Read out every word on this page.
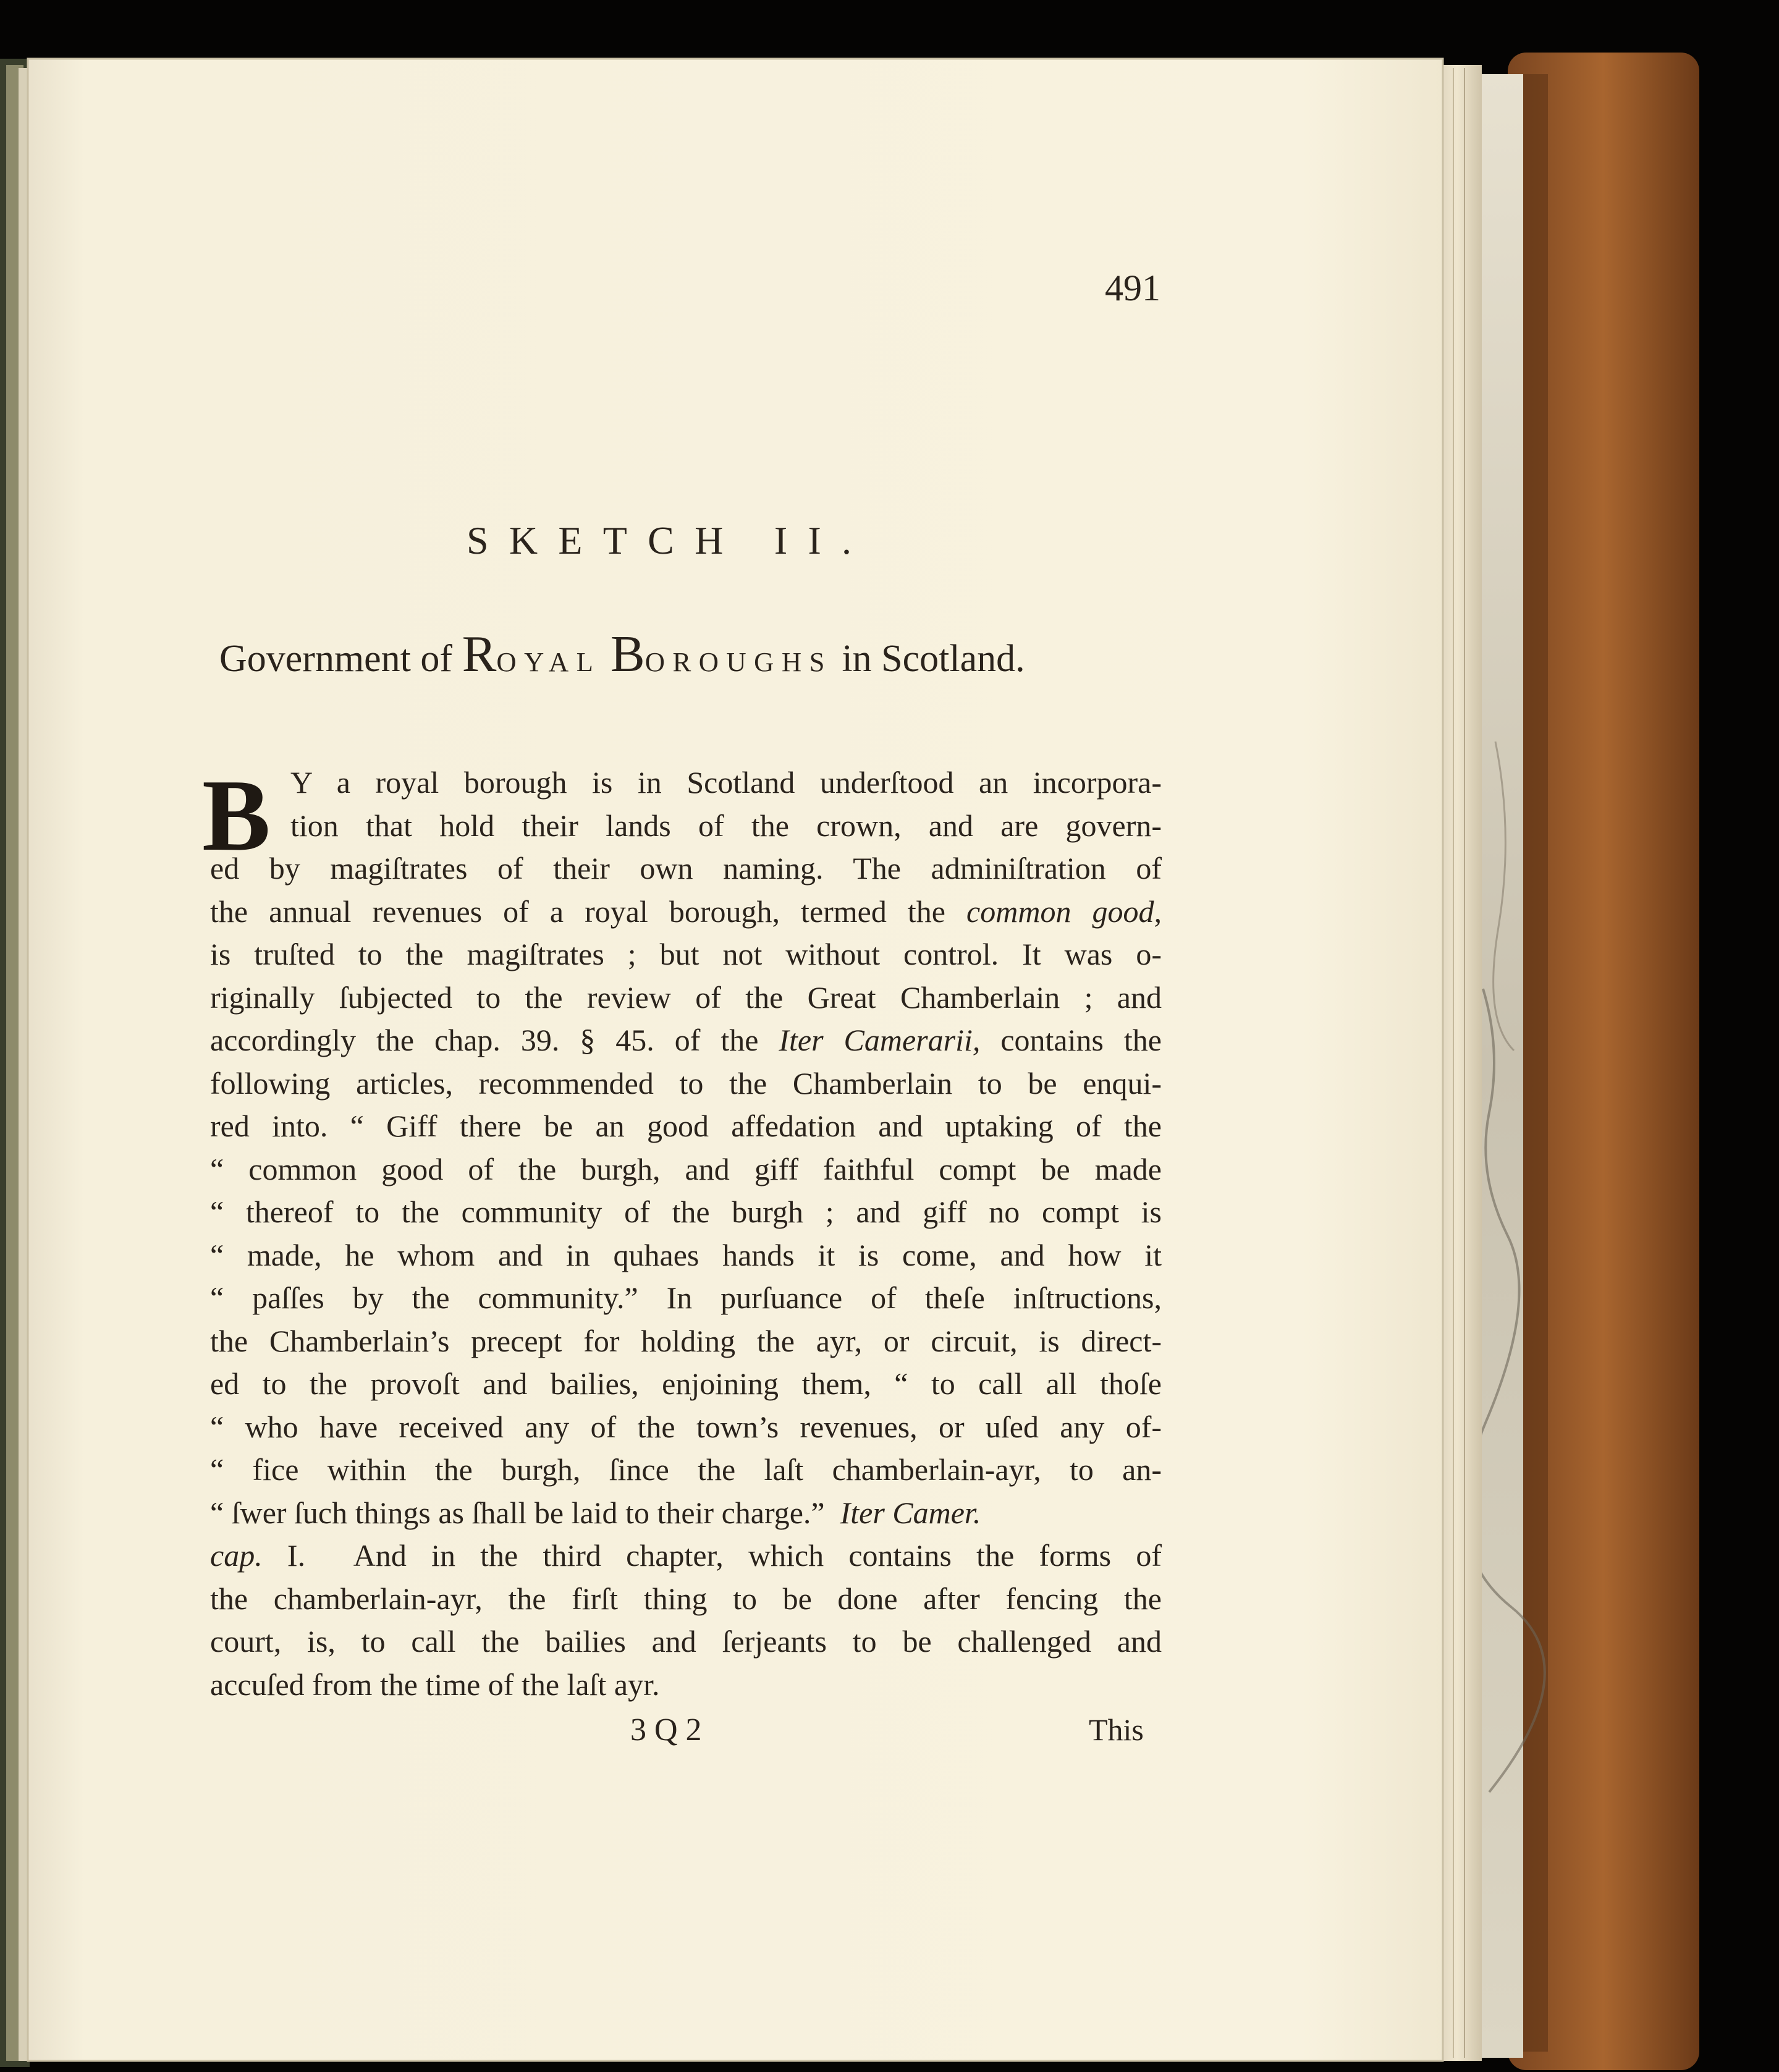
491
SKETCH II.
Government of ROYAL BOROUGHS in Scotland.
B Y a royal borough is in Scotland underſtood an incorpora-
tion that hold their lands of the crown, and are govern-
ed by magiſtrates of their own naming. The adminiſtration of
the annual revenues of a royal borough, termed the common good,
is truſted to the magiſtrates ; but not without control. It was o-
riginally ſubjected to the review of the Great Chamberlain ; and
accordingly the chap. 39. § 45. of the Iter Camerarii, contains the
following articles, recommended to the Chamberlain to be enqui-
red into. “ Giff there be an good affedation and uptaking of the
“ common good of the burgh, and giff faithful compt be made
“ thereof to the community of the burgh ; and giff no compt is
“ made, he whom and in quhaes hands it is come, and how it
“ paſſes by the community.” In purſuance of theſe inſtructions,
the Chamberlain’s precept for holding the ayr, or circuit, is direct-
ed to the provoſt and bailies, enjoining them, “ to call all thoſe
“ who have received any of the town’s revenues, or uſed any of-
“ fice within the burgh, ſince the laſt chamberlain-ayr, to an-
“ ſwer ſuch things as ſhall be laid to their charge.”  Iter Camer.
cap. I.  And in the third chapter, which contains the forms of
the chamberlain-ayr, the firſt thing to be done after fencing the
court, is, to call the bailies and ſerjeants to be challenged and
accuſed from the time of the laſt ayr.
3 Q 2	This
